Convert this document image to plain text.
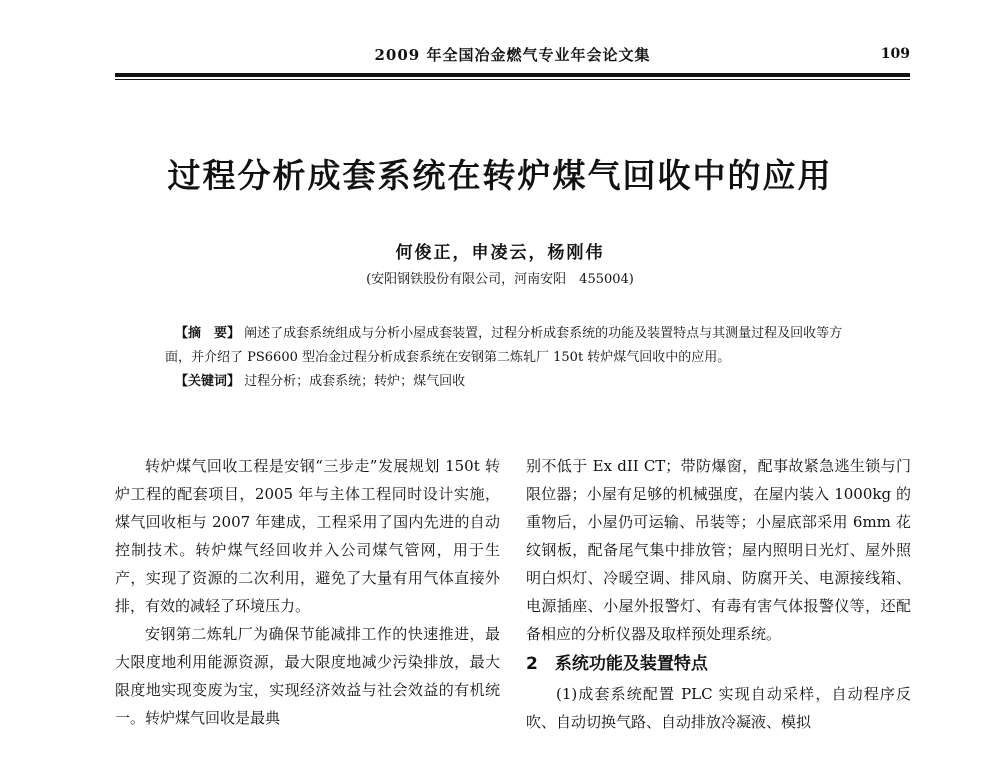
2009 年全国冶金燃气专业年会论文集	109
过程分析成套系统在转炉煤气回收中的应用
何俊正，申凌云，杨刚伟
(安阳钢铁股份有限公司，河南安阳　455004)

【摘　要】 阐述了成套系统组成与分析小屋成套装置，过程分析成套系统的功能及装置特点与其测量过程及回收等方面，并介绍了 PS6600 型冶金过程分析成套系统在安钢第二炼轧厂 150t 转炉煤气回收中的应用。

【关键词】 过程分析；成套系统；转炉；煤气回收

转炉煤气回收工程是安钢“三步走”发展规划 150t 转炉工程的配套项目，2005 年与主体工程同时设计实施，煤气回收柜与 2007 年建成，工程采用了国内先进的自动控制技术。转炉煤气经回收并入公司煤气管网，用于生产，实现了资源的二次利用，避免了大量有用气体直接外排，有效的减轻了环境压力。

安钢第二炼轧厂为确保节能减排工作的快速推进，最大限度地利用能源资源，最大限度地减少污染排放，最大限度地实现变废为宝，实现经济效益与社会效益的有机统一。转炉煤气回收是最典

别不低于 Ex dII CT；带防爆窗，配事故紧急逃生锁与门限位器；小屋有足够的机械强度，在屋内装入 1000kg 的重物后，小屋仍可运输、吊装等；小屋底部采用 6mm 花纹钢板，配备尾气集中排放管；屋内照明日光灯、屋外照明白炽灯、冷暖空调、排风扇、防腐开关、电源接线箱、电源插座、小屋外报警灯、有毒有害气体报警仪等，还配备相应的分析仪器及取样预处理系统。

2　系统功能及装置特点

(1)成套系统配置 PLC 实现自动采样，自动程序反吹、自动切换气路、自动排放冷凝液、模拟
